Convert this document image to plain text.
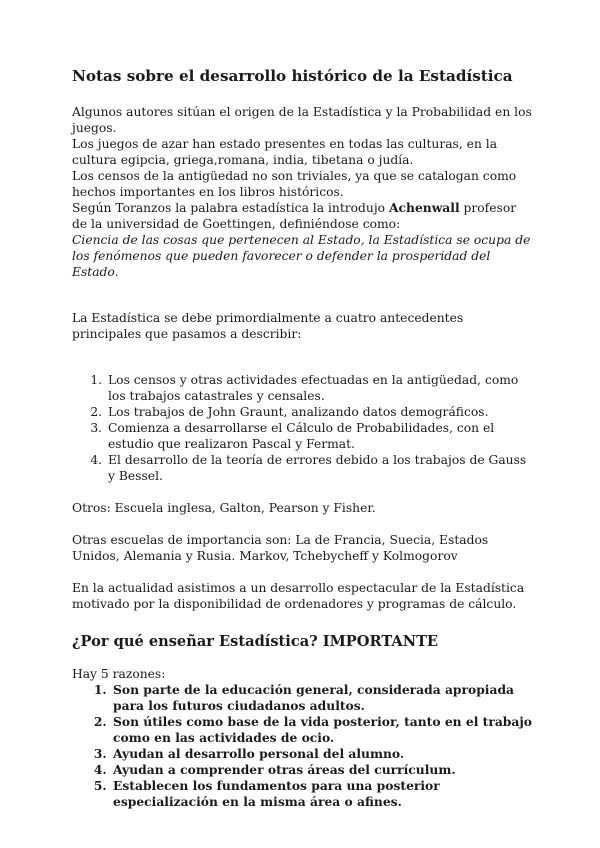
Notas sobre el desarrollo histórico de la Estadística

Algunos autores sitúan el origen de la Estadística y la Probabilidad en los juegos.

Los juegos de azar han estado presentes en todas las culturas, en la cultura egipcia, griega,romana, india, tibetana o judía.

Los censos de la antigüedad no son triviales, ya que se catalogan como hechos importantes en los libros históricos.

Según Toranzos la palabra estadística la introdujo Achenwall profesor de la universidad de Goettingen, definiéndose como:

Ciencia de las cosas que pertenecen al Estado, la Estadística se ocupa de los fenómenos que pueden favorecer o defender la prosperidad del Estado.

La Estadística se debe primordialmente a cuatro antecedentes principales que pasamos a describir:

1. Los censos y otras actividades efectuadas en la antigüedad, como los trabajos catastrales y censales.
2. Los trabajos de John Graunt, analizando datos demográficos.
3. Comienza a desarrollarse el Cálculo de Probabilidades, con el estudio que realizaron Pascal y Fermat.
4. El desarrollo de la teoría de errores debido a los trabajos de Gauss y Bessel.

Otros: Escuela inglesa, Galton, Pearson y Fisher.

Otras escuelas de importancia son: La de Francia, Suecia, Estados Unidos, Alemania y Rusia. Markov, Tchebycheff y Kolmogorov

En la actualidad asistimos a un desarrollo espectacular de la Estadística motivado por la disponibilidad de ordenadores y programas de cálculo.

¿Por qué enseñar Estadística? IMPORTANTE

Hay 5 razones:

1. Son parte de la educación general, considerada apropiada para los futuros ciudadanos adultos.
2. Son útiles como base de la vida posterior, tanto en el trabajo como en las actividades de ocio.
3. Ayudan al desarrollo personal del alumno.
4. Ayudan a comprender otras áreas del currículum.
5. Establecen los fundamentos para una posterior especialización en la misma área o afines.
